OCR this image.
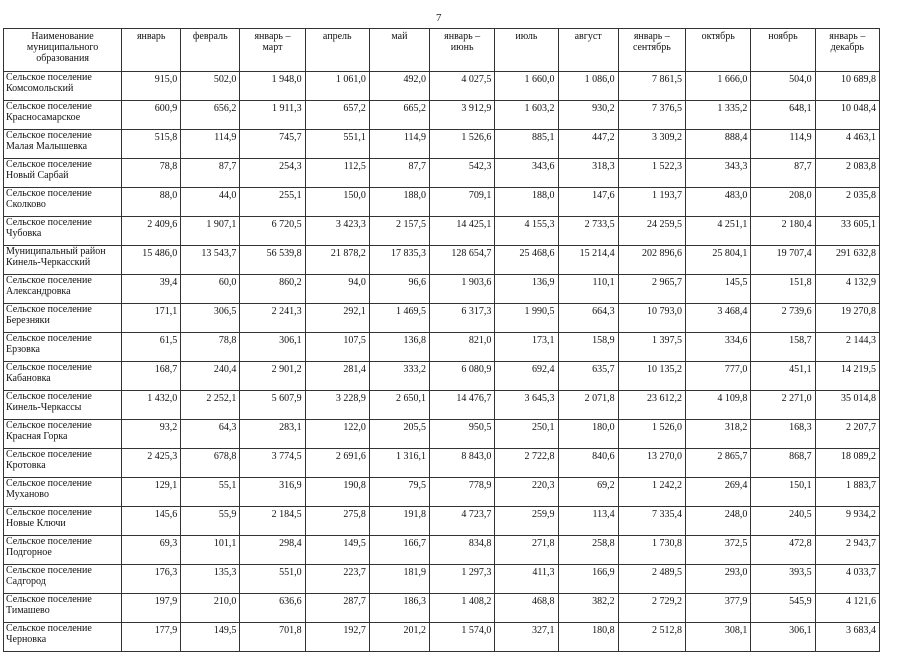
7
Наименование муниципального образования	январь	февраль	январь – март	апрель	май	январь – июнь	июль	август	январь – сентябрь	октябрь	ноябрь	январь – декабрь

Сельское поселение
Комсомольский	915,0	502,0	1 948,0	1 061,0	492,0	4 027,5	1 660,0	1 086,0	7 861,5	1 666,0	504,0	10 689,8

Сельское поселение
Красносамарское	600,9	656,2	1 911,3	657,2	665,2	3 912,9	1 603,2	930,2	7 376,5	1 335,2	648,1	10 048,4

Сельское поселение
Малая Малышевка	515,8	114,9	745,7	551,1	114,9	1 526,6	885,1	447,2	3 309,2	888,4	114,9	4 463,1

Сельское поселение
Новый Сарбай	78,8	87,7	254,3	112,5	87,7	542,3	343,6	318,3	1 522,3	343,3	87,7	2 083,8

Сельское поселение
Сколково	88,0	44,0	255,1	150,0	188,0	709,1	188,0	147,6	1 193,7	483,0	208,0	2 035,8

Сельское поселение
Чубовка	2 409,6	1 907,1	6 720,5	3 423,3	2 157,5	14 425,1	4 155,3	2 733,5	24 259,5	4 251,1	2 180,4	33 605,1

Муниципальный район
Кинель-Черкасский	15 486,0	13 543,7	56 539,8	21 878,2	17 835,3	128 654,7	25 468,6	15 214,4	202 896,6	25 804,1	19 707,4	291 632,8

Сельское поселение
Александровка	39,4	60,0	860,2	94,0	96,6	1 903,6	136,9	110,1	2 965,7	145,5	151,8	4 132,9

Сельское поселение
Березняки	171,1	306,5	2 241,3	292,1	1 469,5	6 317,3	1 990,5	664,3	10 793,0	3 468,4	2 739,6	19 270,8

Сельское поселение
Ерзовка	61,5	78,8	306,1	107,5	136,8	821,0	173,1	158,9	1 397,5	334,6	158,7	2 144,3

Сельское поселение
Кабановка	168,7	240,4	2 901,2	281,4	333,2	6 080,9	692,4	635,7	10 135,2	777,0	451,1	14 219,5

Сельское поселение
Кинель-Черкассы	1 432,0	2 252,1	5 607,9	3 228,9	2 650,1	14 476,7	3 645,3	2 071,8	23 612,2	4 109,8	2 271,0	35 014,8

Сельское поселение
Красная Горка	93,2	64,3	283,1	122,0	205,5	950,5	250,1	180,0	1 526,0	318,2	168,3	2 207,7

Сельское поселение
Кротовка	2 425,3	678,8	3 774,5	2 691,6	1 316,1	8 843,0	2 722,8	840,6	13 270,0	2 865,7	868,7	18 089,2

Сельское поселение
Муханово	129,1	55,1	316,9	190,8	79,5	778,9	220,3	69,2	1 242,2	269,4	150,1	1 883,7

Сельское поселение
Новые Ключи	145,6	55,9	2 184,5	275,8	191,8	4 723,7	259,9	113,4	7 335,4	248,0	240,5	9 934,2

Сельское поселение
Подгорное	69,3	101,1	298,4	149,5	166,7	834,8	271,8	258,8	1 730,8	372,5	472,8	2 943,7

Сельское поселение
Садгород	176,3	135,3	551,0	223,7	181,9	1 297,3	411,3	166,9	2 489,5	293,0	393,5	4 033,7

Сельское поселение
Тимашево	197,9	210,0	636,6	287,7	186,3	1 408,2	468,8	382,2	2 729,2	377,9	545,9	4 121,6

Сельское поселение
Черновка	177,9	149,5	701,8	192,7	201,2	1 574,0	327,1	180,8	2 512,8	308,1	306,1	3 683,4
